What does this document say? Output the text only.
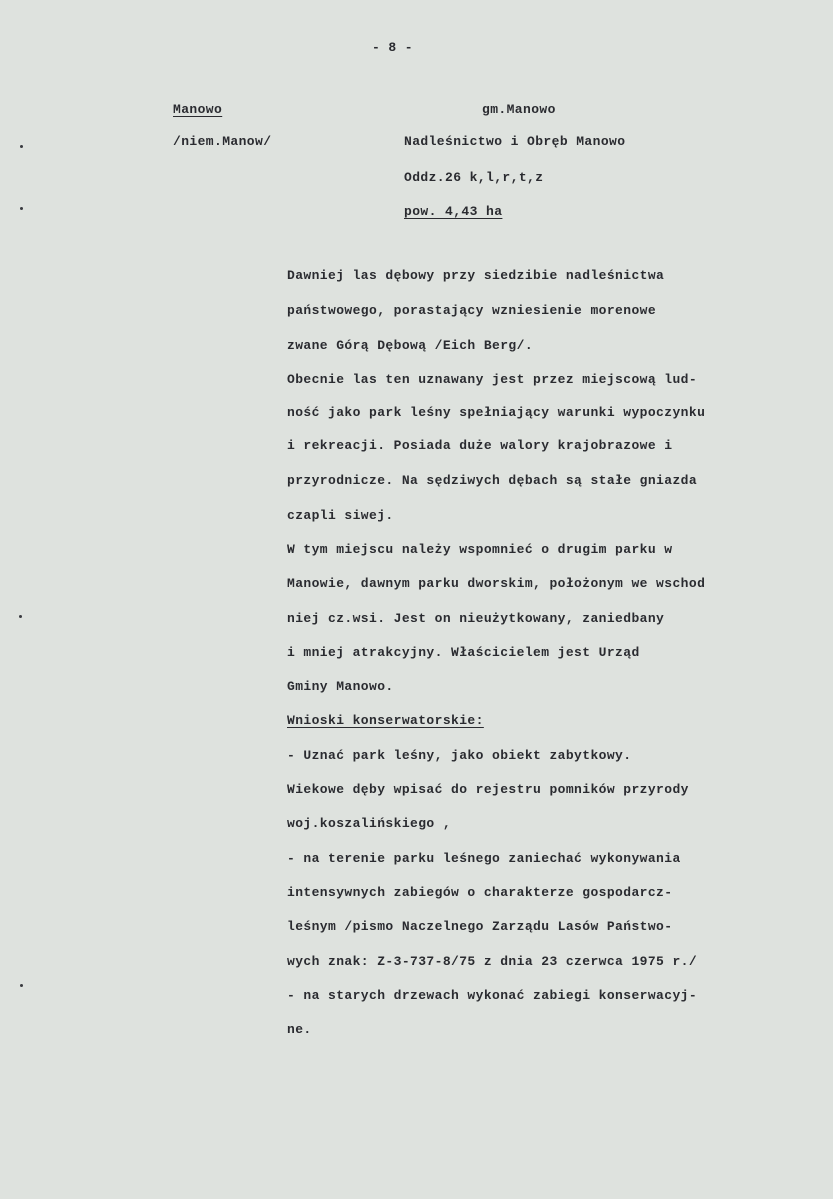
- 8 -
Manowo
/niem.Manow/
gm.Manowo
Nadleśnictwo i Obręb Manowo
Oddz.26 k,l,r,t,z
pow. 4,43 ha
Dawniej las dębowy przy siedzibie nadleśnictwa
państwowego, porastający wzniesienie morenowe
zwane Górą Dębową /Eich Berg/.
Obecnie las ten uznawany jest przez miejscową lud-
ność jako park leśny spełniający warunki wypoczynku
i rekreacji. Posiada duże walory krajobrazowe i
przyrodnicze. Na sędziwych dębach są stałe gniazda
czapli siwej.
W tym miejscu należy wspomnieć o drugim parku w
Manowie, dawnym parku dworskim, położonym we wschod
niej cz.wsi. Jest on nieużytkowany, zaniedbany
i mniej atrakcyjny. Właścicielem jest Urząd
Gminy Manowo.
Wnioski konserwatorskie:
- Uznać park leśny, jako obiekt zabytkowy.
Wiekowe dęby wpisać do rejestru pomników przyrody
woj.koszalińskiego ,
- na terenie parku leśnego zaniechać wykonywania
intensywnych zabiegów o charakterze gospodarcz-
leśnym /pismo Naczelnego Zarządu Lasów Państwo-
wych znak: Z-3-737-8/75 z dnia 23 czerwca 1975 r./
- na starych drzewach wykonać zabiegi konserwacyj-
ne.
